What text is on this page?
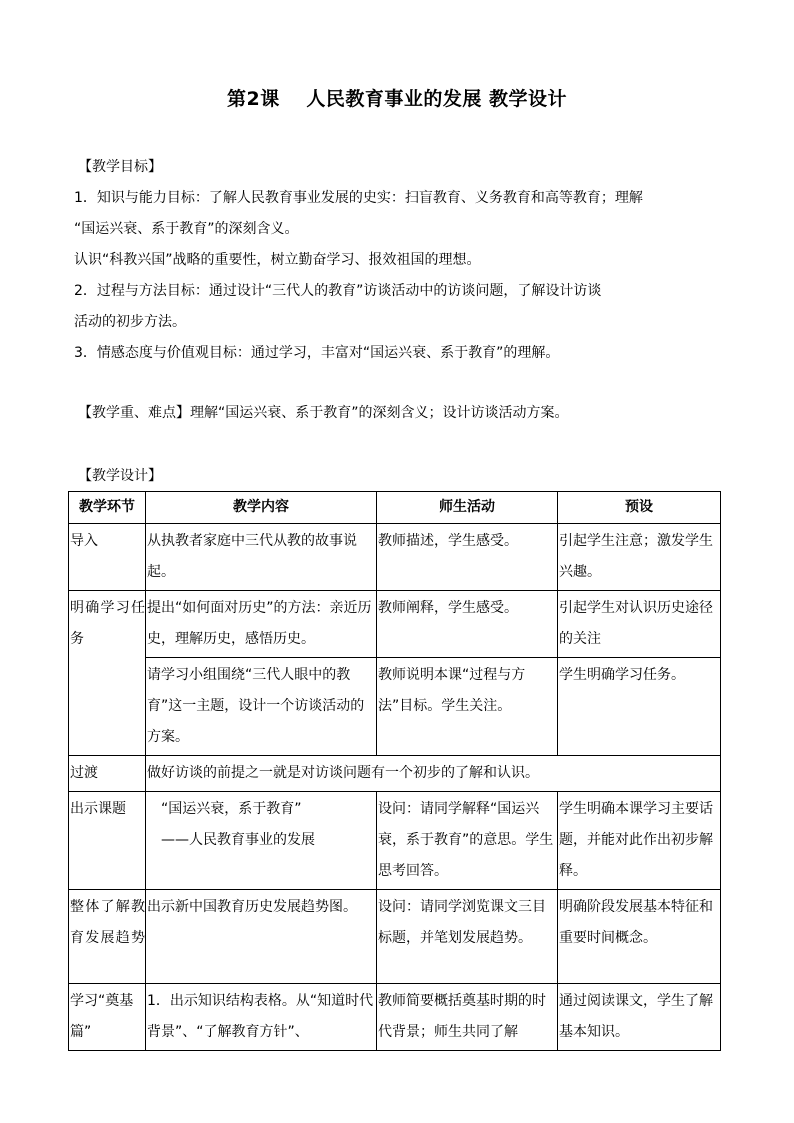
第2课　 人民教育事业的发展 教学设计
【教学目标】
1．知识与能力目标：了解人民教育事业发展的史实：扫盲教育、义务教育和高等教育；理解
“国运兴衰、系于教育”的深刻含义。
认识“科教兴国”战略的重要性，树立勤奋学习、报效祖国的理想。
2．过程与方法目标：通过设计“三代人的教育”访谈活动中的访谈问题，了解设计访谈
活动的初步方法。
3．情感态度与价值观目标：通过学习，丰富对“国运兴衰、系于教育”的理解。
【教学重、难点】理解“国运兴衰、系于教育”的深刻含义；设计访谈活动方案。
【教学设计】
教学环节	教学内容	师生活动	预设
导入	从执教者家庭中三代从教的故事说起。	教师描述，学生感受。	引起学生注意；激发学生兴趣。
明确学习任务	提出“如何面对历史”的方法：亲近历史，理解历史，感悟历史。	教师阐释，学生感受。	引起学生对认识历史途径的关注
	请学习小组围绕“三代人眼中的教育”这一主题，设计一个访谈活动的方案。	教师说明本课“过程与方法”目标。学生关注。	学生明确学习任务。
过渡	做好访谈的前提之一就是对访谈问题有一个初步的了解和认识。		
出示课题	　“国运兴衰，系于教育”
　——人民教育事业的发展	设问：请同学解释“国运兴衰，系于教育”的意思。学生思考回答。	学生明确本课学习主要话题，并能对此作出初步解释。
整体了解教育发展趋势	出示新中国教育历史发展趋势图。	设问：请同学浏览课文三目标题，并笔划发展趋势。	明确阶段发展基本特征和重要时间概念。
学习“奠基篇”	1．出示知识结构表格。从“知道时代背景”、“了解教育方针”、	教师简要概括奠基时期的时代背景；师生共同了解	通过阅读课文，学生了解基本知识。
